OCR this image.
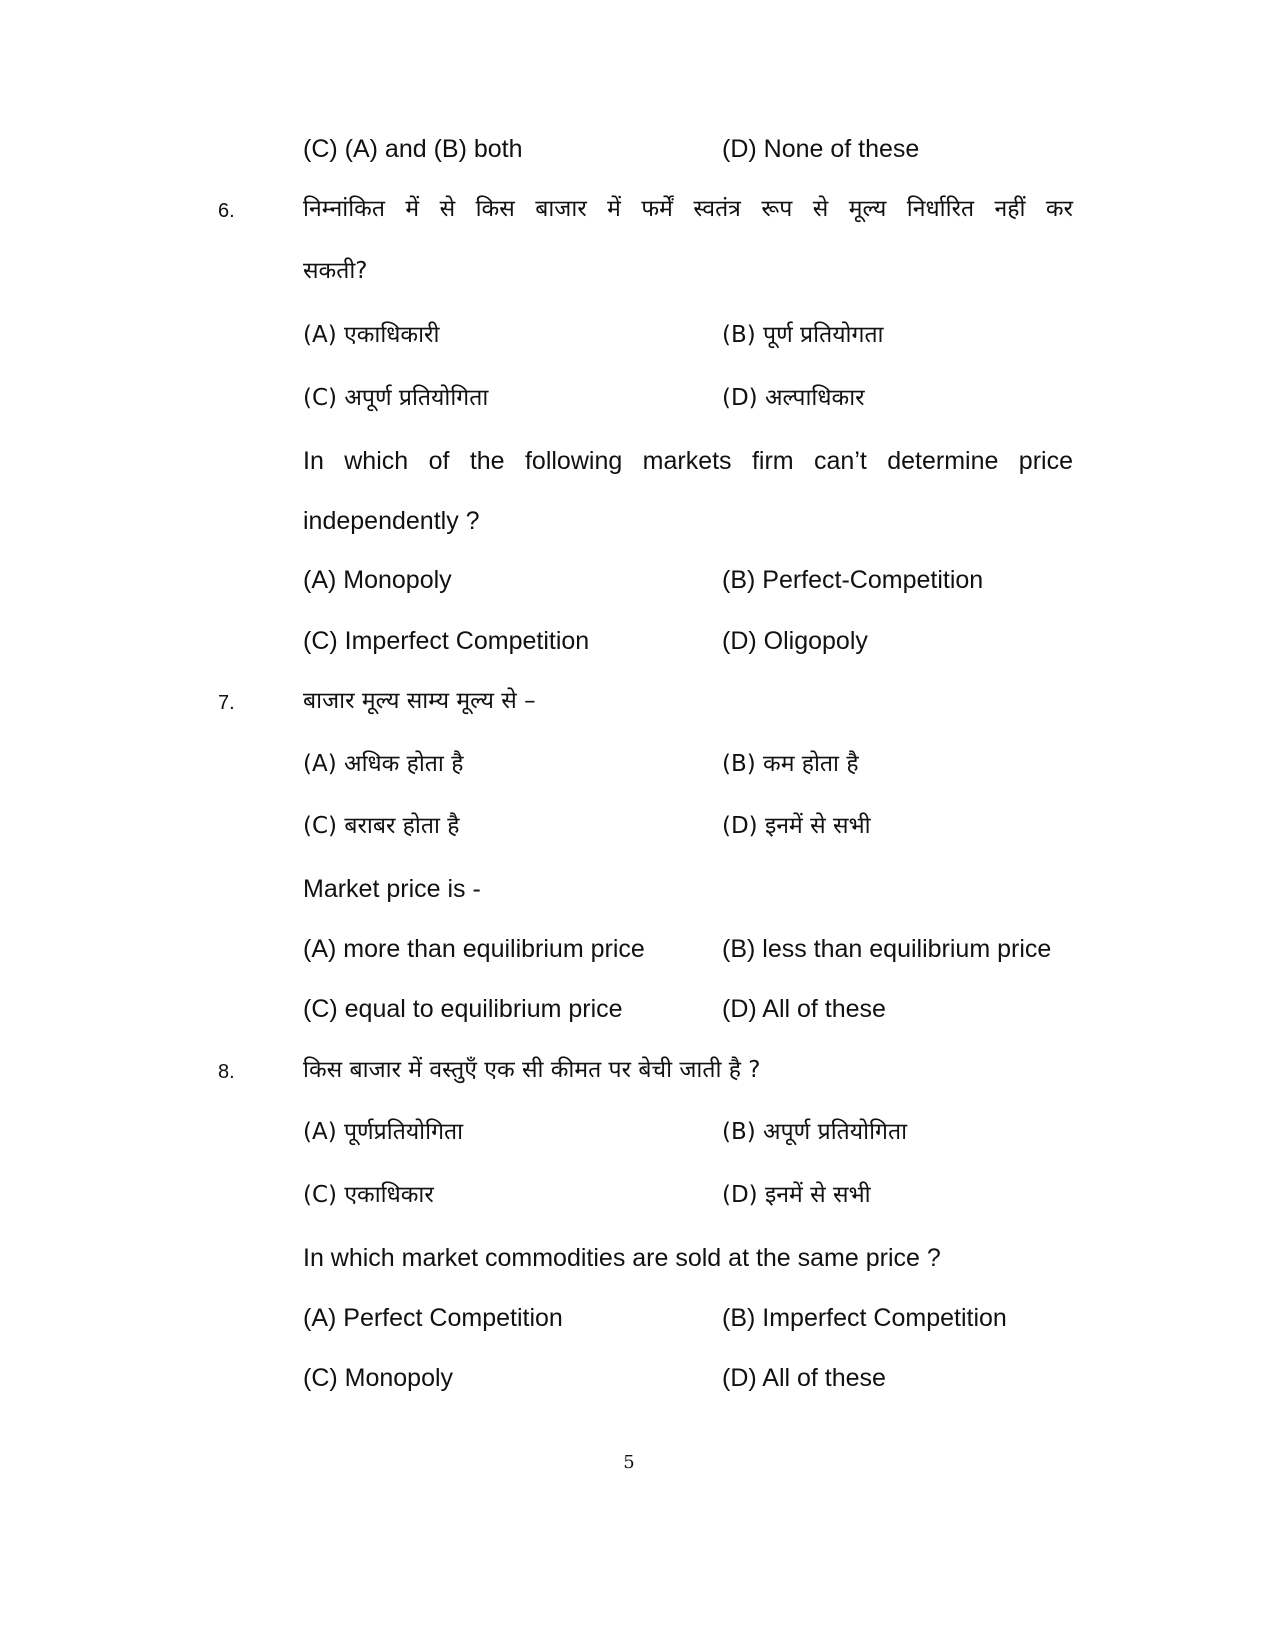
(C) (A) and (B) both	(D) None of these
6.	निम्नांकित में से किस बाजार में फर्में स्वतंत्र रूप से मूल्य निर्धारित नहीं कर
सकती?
(A) एकाधिकारी	(B) पूर्ण प्रतियोगता
(C) अपूर्ण प्रतियोगिता	(D) अल्पाधिकार
In which of the following markets firm can’t determine price
independently ?
(A) Monopoly	(B) Perfect-Competition
(C) Imperfect Competition	(D) Oligopoly
7.	बाजार मूल्य साम्य मूल्य से –
(A) अधिक होता है	(B) कम होता है
(C) बराबर होता है	(D) इनमें से सभी
Market price is -
(A) more than equilibrium price	(B) less than equilibrium price
(C) equal to equilibrium price	(D) All of these
8.	किस बाजार में वस्तुएँ एक सी कीमत पर बेची जाती है ?
(A) पूर्णप्रतियोगिता	(B) अपूर्ण प्रतियोगिता
(C) एकाधिकार	(D) इनमें से सभी
In which market commodities are sold at the same price ?
(A) Perfect Competition	(B) Imperfect Competition
(C) Monopoly	(D) All of these
5
